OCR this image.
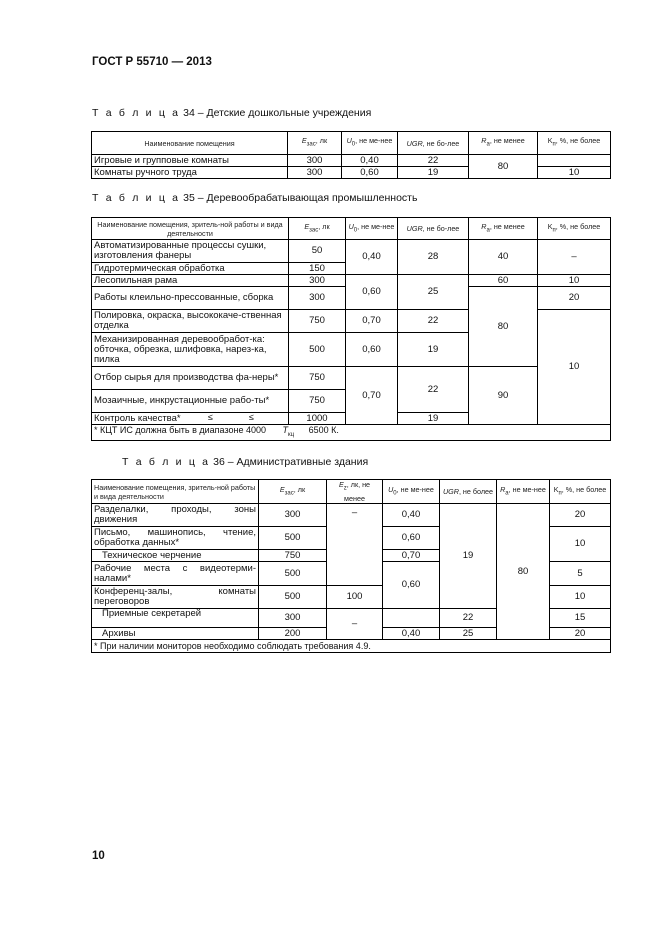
ГОСТ Р 55710 — 2013
Т а б л и ц а 34 – Детские дошкольные учреждения
Наименование помещения	$E_{зас}$, лк	$U_0$, не ме-нее	UGR, не бо-лее	$R_a$, не менее	$K_п$, %, не более
Игровые и групповые комнаты	300	0,40	22	80	
Комнаты ручного труда	300	0,60	19		10
Т а б л и ц а 35 – Деревообрабатывающая промышленность
Наименование помещения, зритель-ной работы и вида деятельности	$E_{зас}$, лк	$U_0$, не ме-нее	UGR, не бо-лее	$R_a$, не менее	$K_п$, %, не более
Автоматизированные процессы сушки, изготовления фанеры	50	0,40	28	40	–
Гидротермическая обработка	150				
Лесопильная рама	300	0,60	25	60	10
Работы клеильно-прессованные, сборка	300			80	20
Полировка, окраска, высококаче-ственная отделка	750	0,70	22		10
Механизированная деревообработ-ка: обточка, обрезка, шлифовка, нарез-ка, пилка	500	0,60	19		
Отбор сырья для производства фа-неры*	750	0,70	22	90	
Мозаичные, инкрустационные рабо-ты*	750				
Контроль качества*	1000		19		
* КЦТ ИС должна быть в диапазоне 4000
≤
$T_{кц}$
≤
6500 К.					
Т а б л и ц а 36 – Административные здания
Наименование помещения, зритель-ной работы и вида деятельности	$E_{зас}$, лк	$E_z$, лк, не менее	$U_0$, не ме-нее	UGR, не более	$R_a$, не ме-нее	$K_п$, %, не более
Разделалки, проходы, зоны движения	300	–	0,40	19	80	20
Письмо, машинопись, чтение, обработка данных*	500		0,60			10
Техническое черчение	750		0,70			
Рабочие места с видеотерми-налами*	500		0,60			5
Конференц-залы, комнаты переговоров	500	100				10
Приемные секретарей	300	–		22		15
Архивы	200		0,40	25		20
* При наличии мониторов необходимо соблюдать требования 4.9.						
10
